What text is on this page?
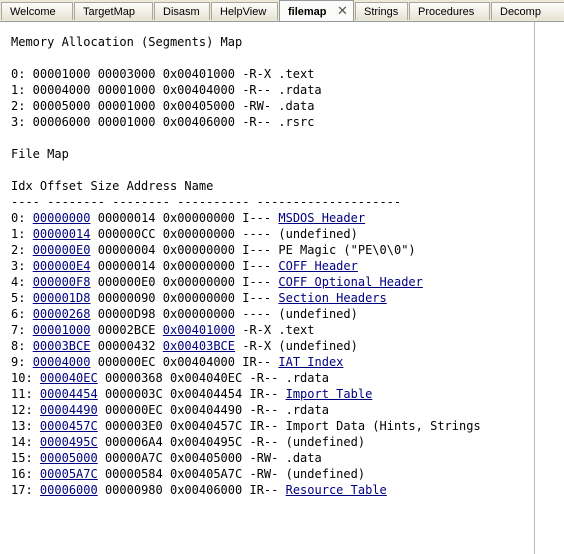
Welcome	TargetMap	Disasm	HelpView	filemap ✕	Strings	Procedures	Decomp
Memory Allocation (Segments) Map
0: 00001000 00003000 0x00401000 -R-X .text
1: 00004000 00001000 0x00404000 -R-- .rdata
2: 00005000 00001000 0x00405000 -RW- .data
3: 00006000 00001000 0x00406000 -R-- .rsrc
File Map
Idx Offset Size Address Name
---- -------- -------- ---------- --------------------
0: 00000000 00000014 0x00000000 I--- MSDOS Header
1: 00000014 000000CC 0x00000000 ---- (undefined)
2: 000000E0 00000004 0x00000000 I--- PE Magic ("PE\0\0")
3: 000000E4 00000014 0x00000000 I--- COFF Header
4: 000000F8 000000E0 0x00000000 I--- COFF Optional Header
5: 000001D8 00000090 0x00000000 I--- Section Headers
6: 00000268 00000D98 0x00000000 ---- (undefined)
7: 00001000 00002BCE 0x00401000 -R-X .text
8: 00003BCE 00000432 0x00403BCE -R-X (undefined)
9: 00004000 000000EC 0x00404000 IR-- IAT Index
10: 000040EC 00000368 0x004040EC -R-- .rdata
11: 00004454 0000003C 0x00404454 IR-- Import Table
12: 00004490 000000EC 0x00404490 -R-- .rdata
13: 0000457C 000003E0 0x0040457C IR-- Import Data (Hints, Strings
14: 0000495C 000006A4 0x0040495C -R-- (undefined)
15: 00005000 00000A7C 0x00405000 -RW- .data
16: 00005A7C 00000584 0x00405A7C -RW- (undefined)
17: 00006000 00000980 0x00406000 IR-- Resource Table
